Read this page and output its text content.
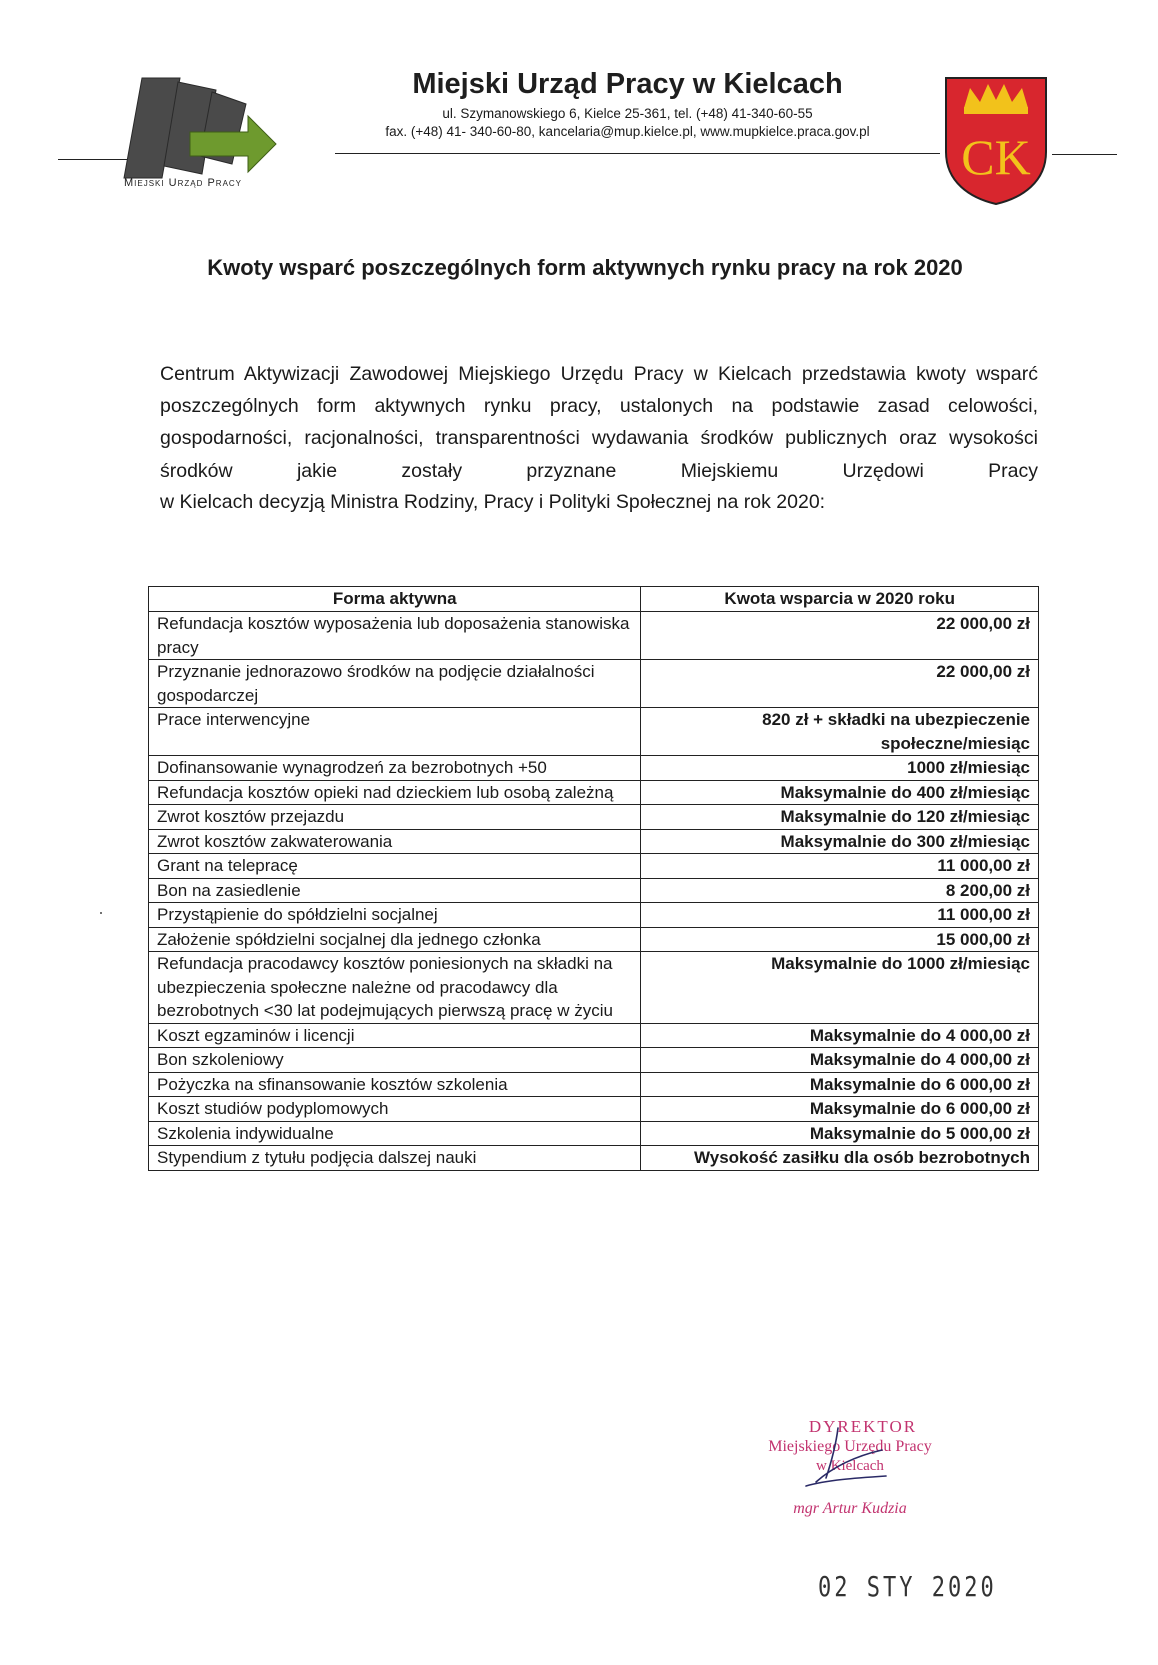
Miejski Urząd Pracy
Miejski Urząd Pracy w Kielcach
ul. Szymanowskiego 6, Kielce 25-361, tel. (+48) 41-340-60-55
fax. (+48) 41- 340-60-80, kancelaria@mup.kielce.pl, www.mupkielce.praca.gov.pl	CK
Kwoty wsparć poszczególnych form aktywnych rynku pracy na rok 2020
Centrum Aktywizacji Zawodowej Miejskiego Urzędu Pracy w Kielcach przedstawia kwoty wsparć poszczególnych form aktywnych rynku pracy, ustalonych na podstawie zasad celowości, gospodarności, racjonalności, transparentności wydawania środków publicznych oraz wysokości środków jakie zostały przyznane Miejskiemu Urzędowi Pracy
w Kielcach decyzją Ministra Rodziny, Pracy i Polityki Społecznej na rok 2020:
Forma aktywna	Kwota wsparcia w 2020 roku
Refundacja kosztów wyposażenia lub doposażenia stanowiska pracy	22 000,00 zł
Przyznanie jednorazowo środków na podjęcie działalności gospodarczej	22 000,00 zł
Prace interwencyjne	820 zł + składki na ubezpieczenie społeczne/miesiąc
Dofinansowanie wynagrodzeń za bezrobotnych +50	1000 zł/miesiąc
Refundacja kosztów opieki nad dzieckiem lub osobą zależną	Maksymalnie do 400 zł/miesiąc
Zwrot kosztów przejazdu	Maksymalnie do 120 zł/miesiąc
Zwrot kosztów zakwaterowania	Maksymalnie do 300 zł/miesiąc
Grant na telepracę	11 000,00 zł
Bon na zasiedlenie	8 200,00 zł
Przystąpienie do spółdzielni socjalnej	11 000,00 zł
Założenie spółdzielni socjalnej dla jednego członka	15 000,00 zł
Refundacja pracodawcy kosztów poniesionych na składki na ubezpieczenia społeczne należne od pracodawcy dla bezrobotnych <30 lat podejmujących pierwszą pracę w życiu	Maksymalnie do 1000 zł/miesiąc
Koszt egzaminów i licencji	Maksymalnie do 4 000,00 zł
Bon szkoleniowy	Maksymalnie do 4 000,00 zł
Pożyczka na sfinansowanie kosztów szkolenia	Maksymalnie do 6 000,00 zł
Koszt studiów podyplomowych	Maksymalnie do 6 000,00 zł
Szkolenia indywidualne	Maksymalnie do 5 000,00 zł
Stypendium z tytułu podjęcia dalszej nauki	Wysokość zasiłku dla osób bezrobotnych
DYREKTOR
Miejskiego Urzędu Pracy
w Kielcach
mgr Artur Kudzia
02 STY 2020
